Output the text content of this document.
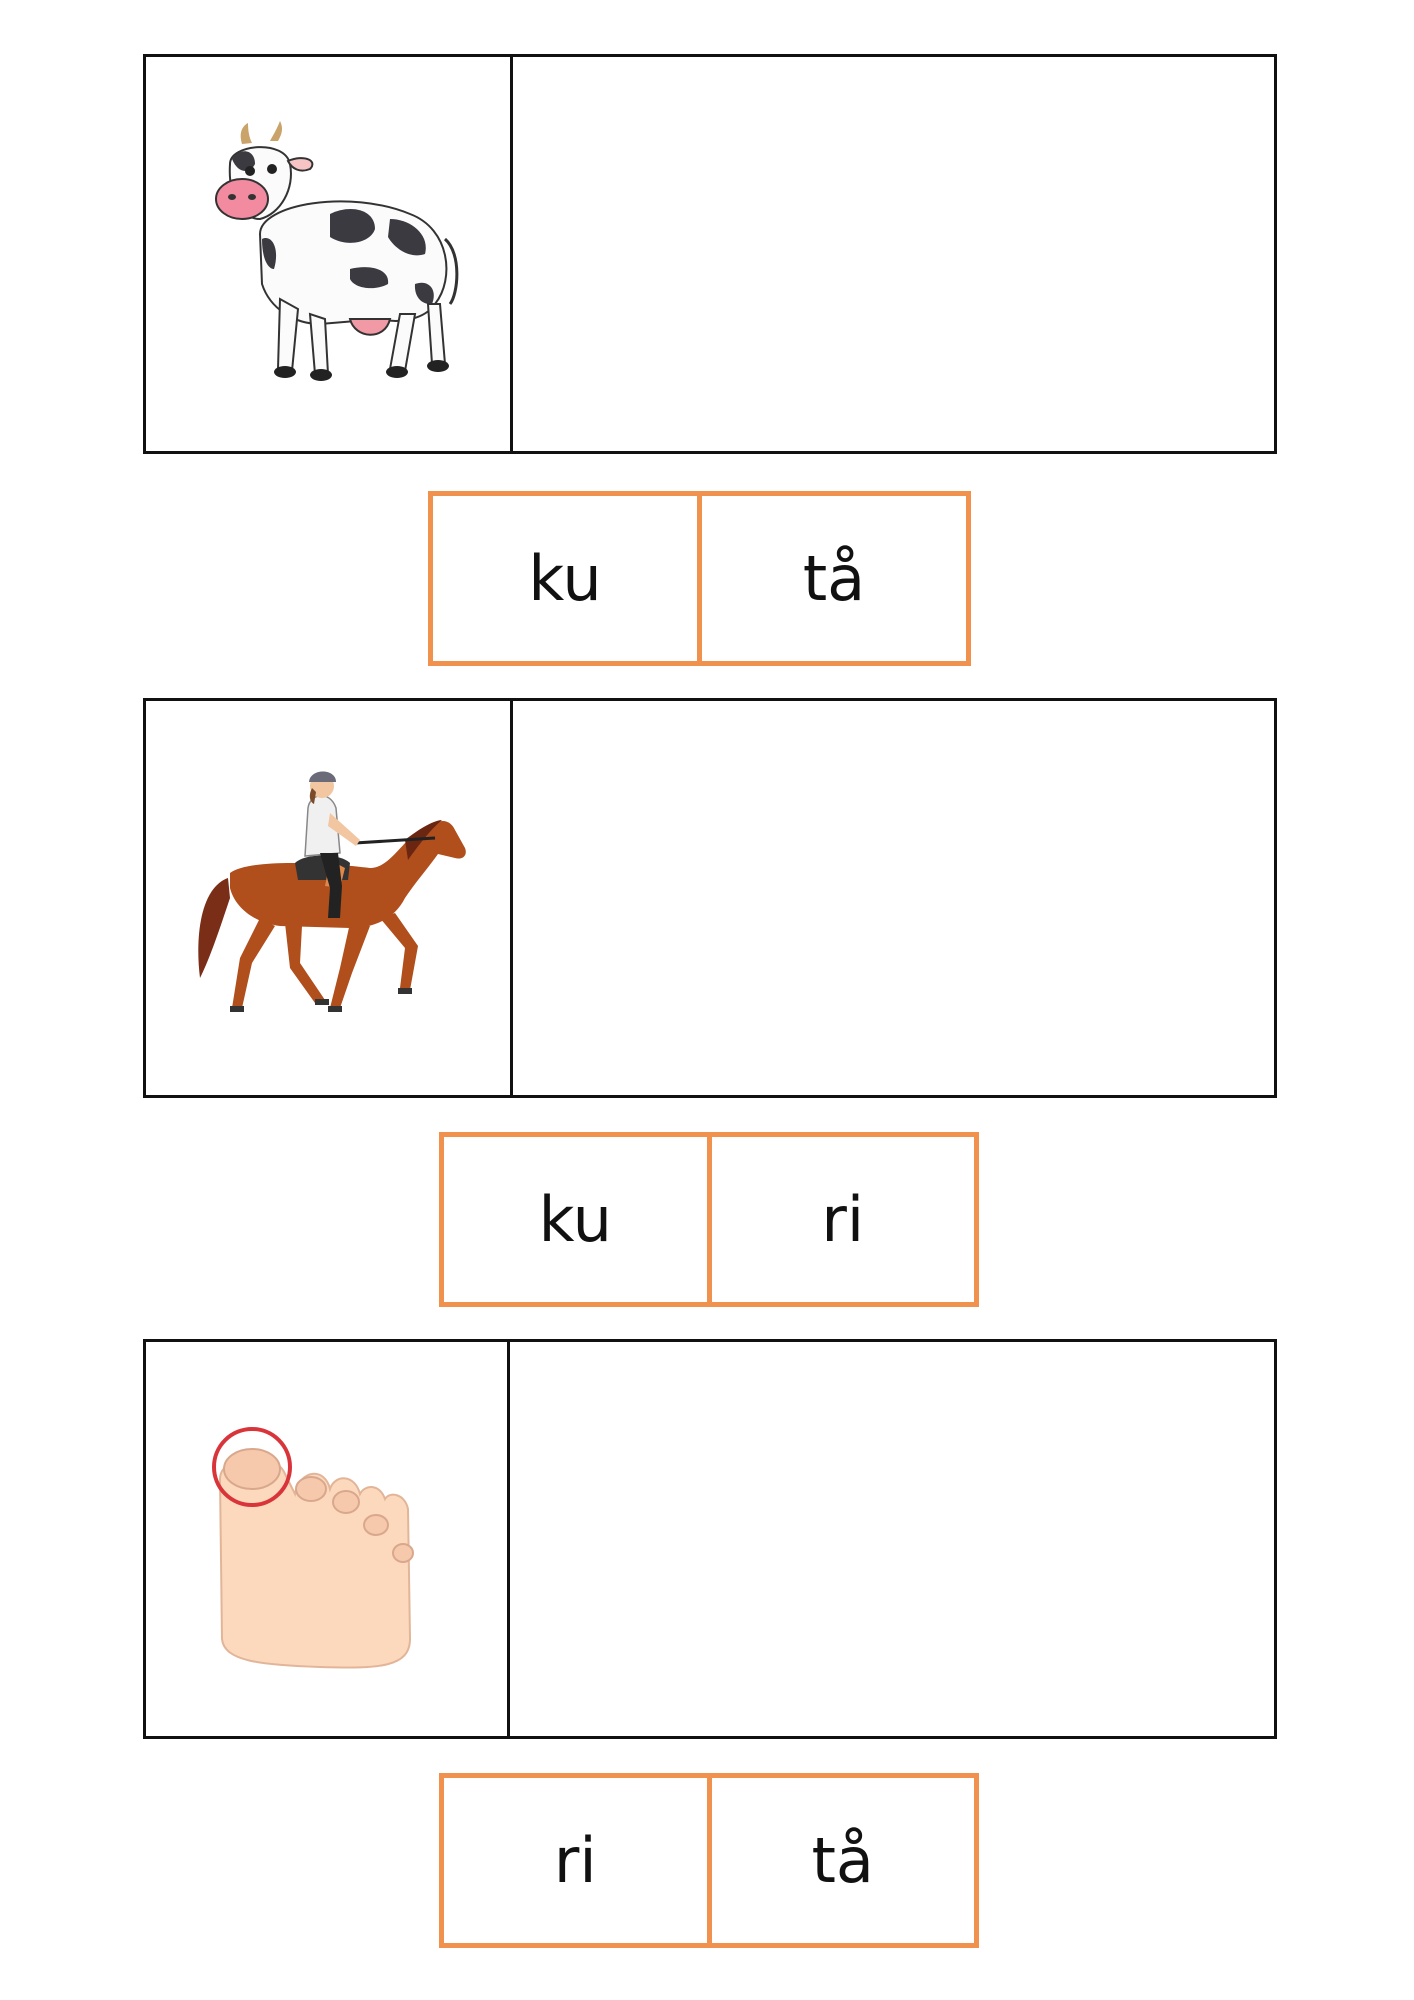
ku	tå
ku	ri
ri	tå
